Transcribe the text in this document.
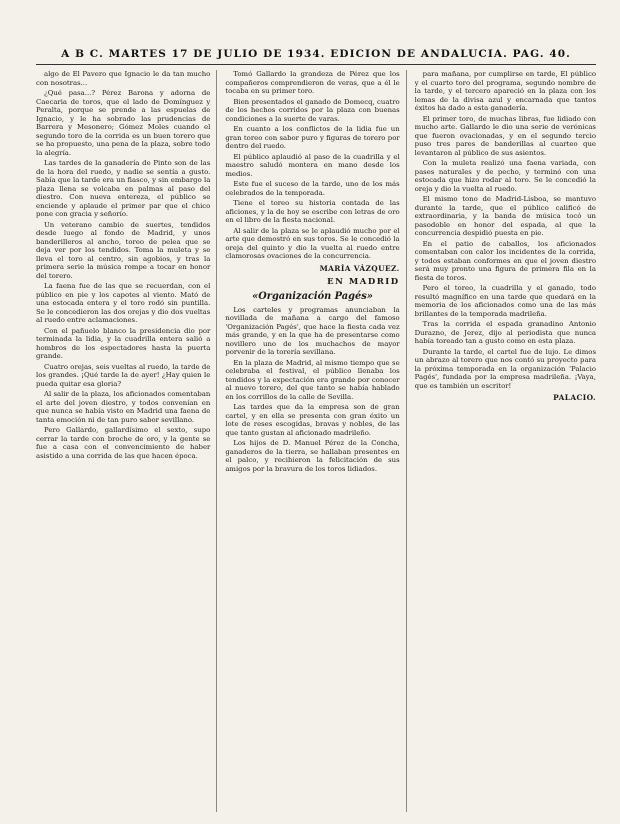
A B C. MARTES 17 DE JULIO DE 1934. EDICION DE ANDALUCIA. PAG. 40.

algo de El Pavero que Ignacio le da tan mucho con nosotras...

¿Qué pasa...? Pérez Barona y adorna de Caecaria de toros, que el lado de Domínguez y Peralta, porque se prende a las espuelas de Ignacio, y le ha sobrado las prudencias de Barrera y Mesonero; Gómez Moles cuando el segundo toro de la corrida es un buen torero que se ha propuesto, una pena de la plaza, sobre todo la alegría.

Las tardes de la ganadería de Pinto son de las de la hora del ruedo, y nadie se sentía a gusto. Sabía que la tarde era un fiasco, y sin embargo la plaza llena se volcaba en palmas al paso del diestro. Con nueva entereza, el público se enciende y aplaude el primer par que el chico pone con gracia y señorío.

Un veterano cambio de suertes, tendidos desde luego al fondo de Madrid, y unos banderilleros al ancho, toreo de pelea que se deja ver por los tendidos. Toma la muleta y se lleva el toro al centro, sin agobios, y tras la primera serie la música rompe a tocar en honor del torero.

La faena fue de las que se recuerdan, con el público en pie y los capotes al viento. Mató de una estocada entera y el toro rodó sin puntilla. Se le concedieron las dos orejas y dio dos vueltas al ruedo entre aclamaciones.

Con el pañuelo blanco la presidencia dio por terminada la lidia, y la cuadrilla entera salió a hombros de los espectadores hasta la puerta grande.

Cuatro orejas, seis vueltas al ruedo, la tarde de los grandes. ¡Qué tarde la de ayer! ¿Hay quien le pueda quitar esa gloria?

Al salir de la plaza, los aficionados comentaban el arte del joven diestro, y todos convenían en que nunca se había visto en Madrid una faena de tanta emoción ni de tan puro sabor sevillano.

Pero Gallardo, gallardísimo el sexto, supo cerrar la tarde con broche de oro, y la gente se fue a casa con el convencimiento de haber asistido a una corrida de las que hacen época.

Tomó Gallardo la grandeza de Pérez que los compañeros comprendieron de veras, que a él le tocaba en su primer toro.

Bien presentados el ganado de Domecq, cuatro de los hechos corridos por la plaza con buenas condiciones a la suerte de varas.

En cuanto a los conflictos de la lidia fue un gran toreo con sabor puro y figuras de torero por dentro del ruedo.

El público aplaudió al paso de la cuadrilla y el maestro saludó montera en mano desde los medios.

Este fue el suceso de la tarde, uno de los más celebrados de la temporada.

Tiene el toreo su historia contada de las aficiones, y la de hoy se escribe con letras de oro en el libro de la fiesta nacional.

Al salir de la plaza se le aplaudió mucho por el arte que demostró en sus toros. Se le concedió la oreja del quinto y dio la vuelta al ruedo entre clamorosas ovaciones de la concurrencia.

MARÍA VÁZQUEZ.
EN MADRID
«Organización Pagés»

Los carteles y programas anunciaban la novillada de mañana a cargo del famoso 'Organización Pagés', que hace la fiesta cada vez más grande, y en la que ha de presentarse como novillero uno de los muchachos de mayor porvenir de la torería sevillana.

En la plaza de Madrid, al mismo tiempo que se celebraba el festival, el público llenaba los tendidos y la expectación era grande por conocer al nuevo torero, del que tanto se había hablado en los corrillos de la calle de Sevilla.

Las tardes que da la empresa son de gran cartel, y en ella se presenta con gran éxito un lote de reses escogidas, bravas y nobles, de las que tanto gustan al aficionado madrileño.

Los hijos de D. Manuel Pérez de la Concha, ganaderos de la tierra, se hallaban presentes en el palco, y recibieron la felicitación de sus amigos por la bravura de los toros lidiados.

para mañana, por cumplirse en tarde, El público y el cuarto toro del programa, segundo nombre de la tarde, y el tercero apareció en la plaza con los lemas de la divisa azul y encarnada que tantos éxitos ha dado a esta ganadería.

El primer toro, de muchas libras, fue lidiado con mucho arte. Gallardo le dio una serie de verónicas que fueron ovacionadas, y en el segundo tercio puso tres pares de banderillas al cuarteo que levantaron al público de sus asientos.

Con la muleta realizó una faena variada, con pases naturales y de pecho, y terminó con una estocada que hizo rodar al toro. Se le concedió la oreja y dio la vuelta al ruedo.

El mismo tono de Madrid-Lisboa, se mantuvo durante la tarde, que el público calificó de extraordinaria, y la banda de música tocó un pasodoble en honor del espada, al que la concurrencia despidió puesta en pie.

En el patio de caballos, los aficionados comentaban con calor los incidentes de la corrida, y todos estaban conformes en que el joven diestro será muy pronto una figura de primera fila en la fiesta de toros.

Pero el toreo, la cuadrilla y el ganado, todo resultó magnífico en una tarde que quedará en la memoria de los aficionados como una de las más brillantes de la temporada madrileña.

Tras la corrida el espada granadino Antonio Durazno, de Jerez, dijo al periodista que nunca había toreado tan a gusto como en esta plaza.

Durante la tarde, el cartel fue de lujo. Le dimos un abrazo al torero que nos contó su proyecto para la próxima temporada en la organización 'Palacio Pagés', fundada por la empresa madrileña. ¡Vaya, que es también un escritor!

PALACIO.
